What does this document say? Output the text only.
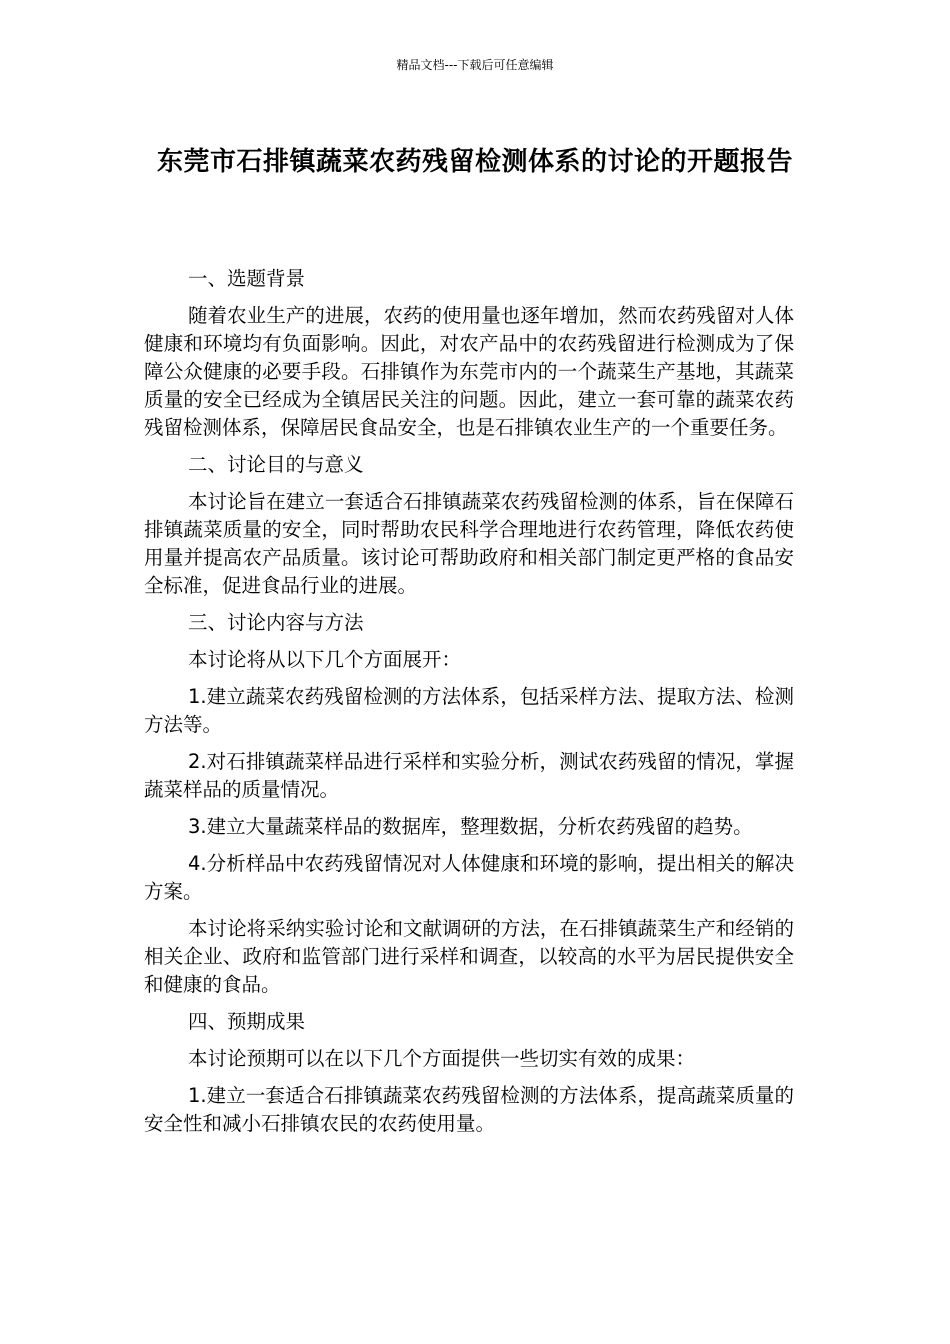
精品文档---下载后可任意编辑
东莞市石排镇蔬菜农药残留检测体系的讨论的开题报告

一、选题背景

随着农业生产的进展，农药的使用量也逐年增加，然而农药残留对人体健康和环境均有负面影响。因此，对农产品中的农药残留进行检测成为了保障公众健康的必要手段。石排镇作为东莞市内的一个蔬菜生产基地，其蔬菜质量的安全已经成为全镇居民关注的问题。因此，建立一套可靠的蔬菜农药残留检测体系，保障居民食品安全，也是石排镇农业生产的一个重要任务。

二、讨论目的与意义

本讨论旨在建立一套适合石排镇蔬菜农药残留检测的体系，旨在保障石排镇蔬菜质量的安全，同时帮助农民科学合理地进行农药管理，降低农药使用量并提高农产品质量。该讨论可帮助政府和相关部门制定更严格的食品安全标准，促进食品行业的进展。

三、讨论内容与方法

本讨论将从以下几个方面展开：

1.建立蔬菜农药残留检测的方法体系，包括采样方法、提取方法、检测方法等。

2.对石排镇蔬菜样品进行采样和实验分析，测试农药残留的情况，掌握蔬菜样品的质量情况。

3.建立大量蔬菜样品的数据库，整理数据，分析农药残留的趋势。

4.分析样品中农药残留情况对人体健康和环境的影响，提出相关的解决方案。

本讨论将采纳实验讨论和文献调研的方法，在石排镇蔬菜生产和经销的相关企业、政府和监管部门进行采样和调查，以较高的水平为居民提供安全和健康的食品。

四、预期成果

本讨论预期可以在以下几个方面提供一些切实有效的成果：

1.建立一套适合石排镇蔬菜农药残留检测的方法体系，提高蔬菜质量的安全性和减小石排镇农民的农药使用量。
